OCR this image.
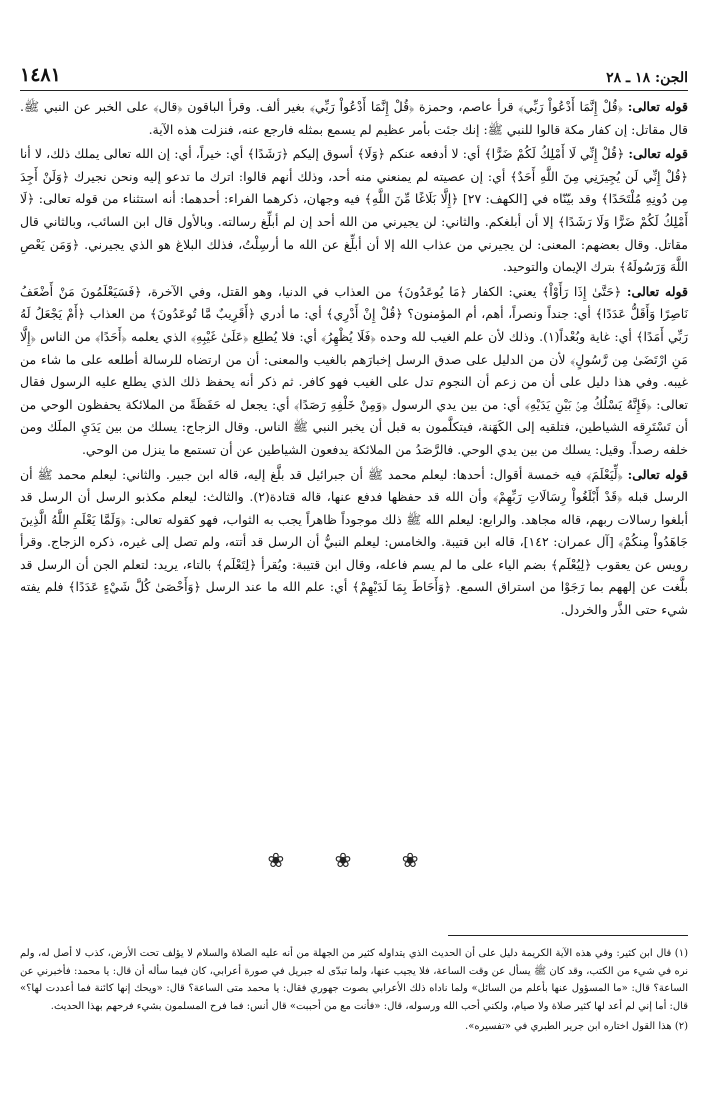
١٤٨١	الجن: ١٨ ـ ٢٨

قوله تعالى: ﴿قُلْ إِنَّمَا أَدْعُواْ رَبِّي﴾ قرأ عاصم، وحمزة ﴿قُلْ إِنَّمَا أَدْعُواْ رَبِّي﴾ بغير ألف. وقرأ الباقون ﴿قال﴾ على الخبر عن النبي ﷺ. قال مقاتل: إن كفار مكة قالوا للنبي ﷺ: إنك جئت بأمر عظيم لم يسمع بمثله فارجع عنه، فنزلت هذه الآية.

قوله تعالى: ﴿قُلْ إِنِّي لَا أَمْلِكُ لَكُمْ ضَرًّا﴾ أي: لا أدفعه عنكم ﴿وَلَا﴾ أسوق إليكم ﴿رَشَدًا﴾ أي: خيراً، أي: إن الله تعالى يملك ذلك، لا أنا ﴿قُلْ إِنِّي لَن يُجِيرَنِي مِنَ اللَّهِ أَحَدٌ﴾ أي: إن عصيته لم يمنعني منه أحد، وذلك أنهم قالوا: اترك ما تدعو إليه ونحن نجيرك ﴿وَلَنْ أَجِدَ مِن دُونِهِ مُلْتَحَدًا﴾ وقد بيّنّاه في [الكهف: ٢٧] ﴿إِلَّا بَلَاغًا مِّنَ اللَّهِ﴾ فيه وجهان، ذكرهما الفراء: أحدهما: أنه استثناء من قوله تعالى: ﴿لَا أَمْلِكُ لَكُمْ ضَرًّا وَلَا رَشَدًا﴾ إلا أن أبلغكم. والثاني: لن يجيرني من الله أحد إن لم أبلِّغ رسالته. وبالأول قال ابن السائب، وبالثاني قال مقاتل. وقال بعضهم: المعنى: لن يجيرني من عذاب الله إلا أن أبلِّغ عن الله ما أرسِلْتُ، فذلك البلاغ هو الذي يجيرني. ﴿وَمَن يَعْصِ اللَّهَ وَرَسُولَهُ﴾ بترك الإيمان والتوحيد.

قوله تعالى: ﴿حَتَّىٰ إِذَا رَأَوْاْ﴾ يعني: الكفار ﴿مَا يُوعَدُونَ﴾ من العذاب في الدنيا، وهو القتل، وفي الآخرة، ﴿فَسَيَعْلَمُونَ مَنْ أَضْعَفُ نَاصِرًا وَأَقَلُّ عَدَدًا﴾ أي: جنداً ونصراً، أهم، أم المؤمنون؟ ﴿قُلْ إِنْ أَدْرِي﴾ أي: ما أدري ﴿أَقَرِيبٌ مَّا تُوعَدُونَ﴾ من العذاب ﴿أَمْ يَجْعَلُ لَهُ رَبِّي أَمَدًا﴾ أي: غاية وبُعْداً(١). وذلك لأن علم الغيب لله وحده ﴿فَلَا يُظْهِرُ﴾ أي: فلا يُطلِع ﴿عَلَىٰ غَيْبِهِ﴾ الذي يعلمه ﴿أَحَدًا﴾ من الناس ﴿إِلَّا مَنِ ارْتَضَىٰ مِن رَّسُولٍ﴾ لأن من الدليل على صدق الرسل إخبارَهم بالغيب والمعنى: أن من ارتضاه للرسالة أطلعه على ما شاء من غيبه. وفي هذا دليل على أن من زعم أن النجوم تدل على الغيب فهو كافر. ثم ذكر أنه يحفظ ذلك الذي يطلع عليه الرسول فقال تعالى: ﴿فَإِنَّهُ يَسْلُكُ مِنۢ بَيْنِ يَدَيْهِ﴾ أي: من بين يدي الرسول ﴿وَمِنْ خَلْفِهِ رَصَدًا﴾ أي: يجعل له حَفَظَةً من الملائكة يحفظون الوحي من أن تَسْتَرِقه الشياطين، فتلقيه إلى الكَهَنة، فيتكلَّمون به قبل أن يخبر النبي ﷺ الناس. وقال الزجاج: يسلك من بين يَدَيِ الملَك ومن خلفه رصداً. وقيل: يسلك من بين يدي الوحي. فالرَّصَدُ من الملائكة يدفعون الشياطين عن أن تستمع ما ينزل من الوحي.

قوله تعالى: ﴿لِّيَعْلَمَ﴾ فيه خمسة أقوال: أحدها: ليعلم محمد ﷺ أن جبرائيل قد بلَّغ إليه، قاله ابن جبير. والثاني: ليعلم محمد ﷺ أن الرسل قبله ﴿قَدْ أَبْلَغُواْ رِسَالَاتِ رَبِّهِمْ﴾ وأن الله قد حفظها فدفع عنها، قاله قتادة(٢). والثالث: ليعلم مكذبو الرسل أن الرسل قد أبلغوا رسالات ربهم، قاله مجاهد. والرابع: ليعلم الله ﷺ ذلك موجوداً ظاهراً يجب به الثواب، فهو كقوله تعالى: ﴿وَلَمَّا يَعْلَمِ اللَّهُ الَّذِينَ جَاهَدُواْ مِنكُمْ﴾ [آل عمران: ١٤٢]، قاله ابن قتيبة. والخامس: ليعلم النبيُّ أن الرسل قد أتته، ولم تصل إلى غيره، ذكره الزجاج. وقرأ رويس عن يعقوب ﴿لِيُعْلَم﴾ بضم الياء على ما لم يسم فاعله، وقال ابن قتيبة: ويُقرأ ﴿لِتَعْلَم﴾ بالتاء، يريد: لتعلم الجن أن الرسل قد بلَّغت عن إلههم بما رَجَوْا من استراق السمع. ﴿وَأَحَاطَ بِمَا لَدَيْهِمْ﴾ أي: علم الله ما عند الرسل ﴿وَأَحْصَىٰ كُلَّ شَيْءٍ عَدَدًا﴾ فلم يفته شيء حتى الذَّر والخردل.

❀ ❀ ❀

(١) قال ابن كثير: وفي هذه الآية الكريمة دليل على أن الحديث الذي يتداوله كثير من الجهلة من أنه عليه الصلاة والسلام لا يؤلف تحت الأرض، كذب لا أصل له، ولم نره في شيء من الكتب، وقد كان ﷺ يسأل عن وقت الساعة، فلا يجيب عنها، ولما تبدّى له جبريل في صورة أعرابي، كان فيما سأله أن قال: يا محمد: فأخبرني عن الساعة؟ قال: «ما المسؤول عنها بأعلم من السائل» ولما ناداه ذلك الأعرابي بصوت جهوري فقال: يا محمد متى الساعة؟ قال: «ويحك إنها كائنة فما أعددت لها؟» قال: أما إني لم أعد لها كثير صلاة ولا صيام، ولكني أحب الله ورسوله، قال: «فأنت مع من أحببت» قال أنس: فما فرح المسلمون بشيء فرحهم بهذا الحديث.

(٢) هذا القول اختاره ابن جرير الطبري في «تفسيره».
